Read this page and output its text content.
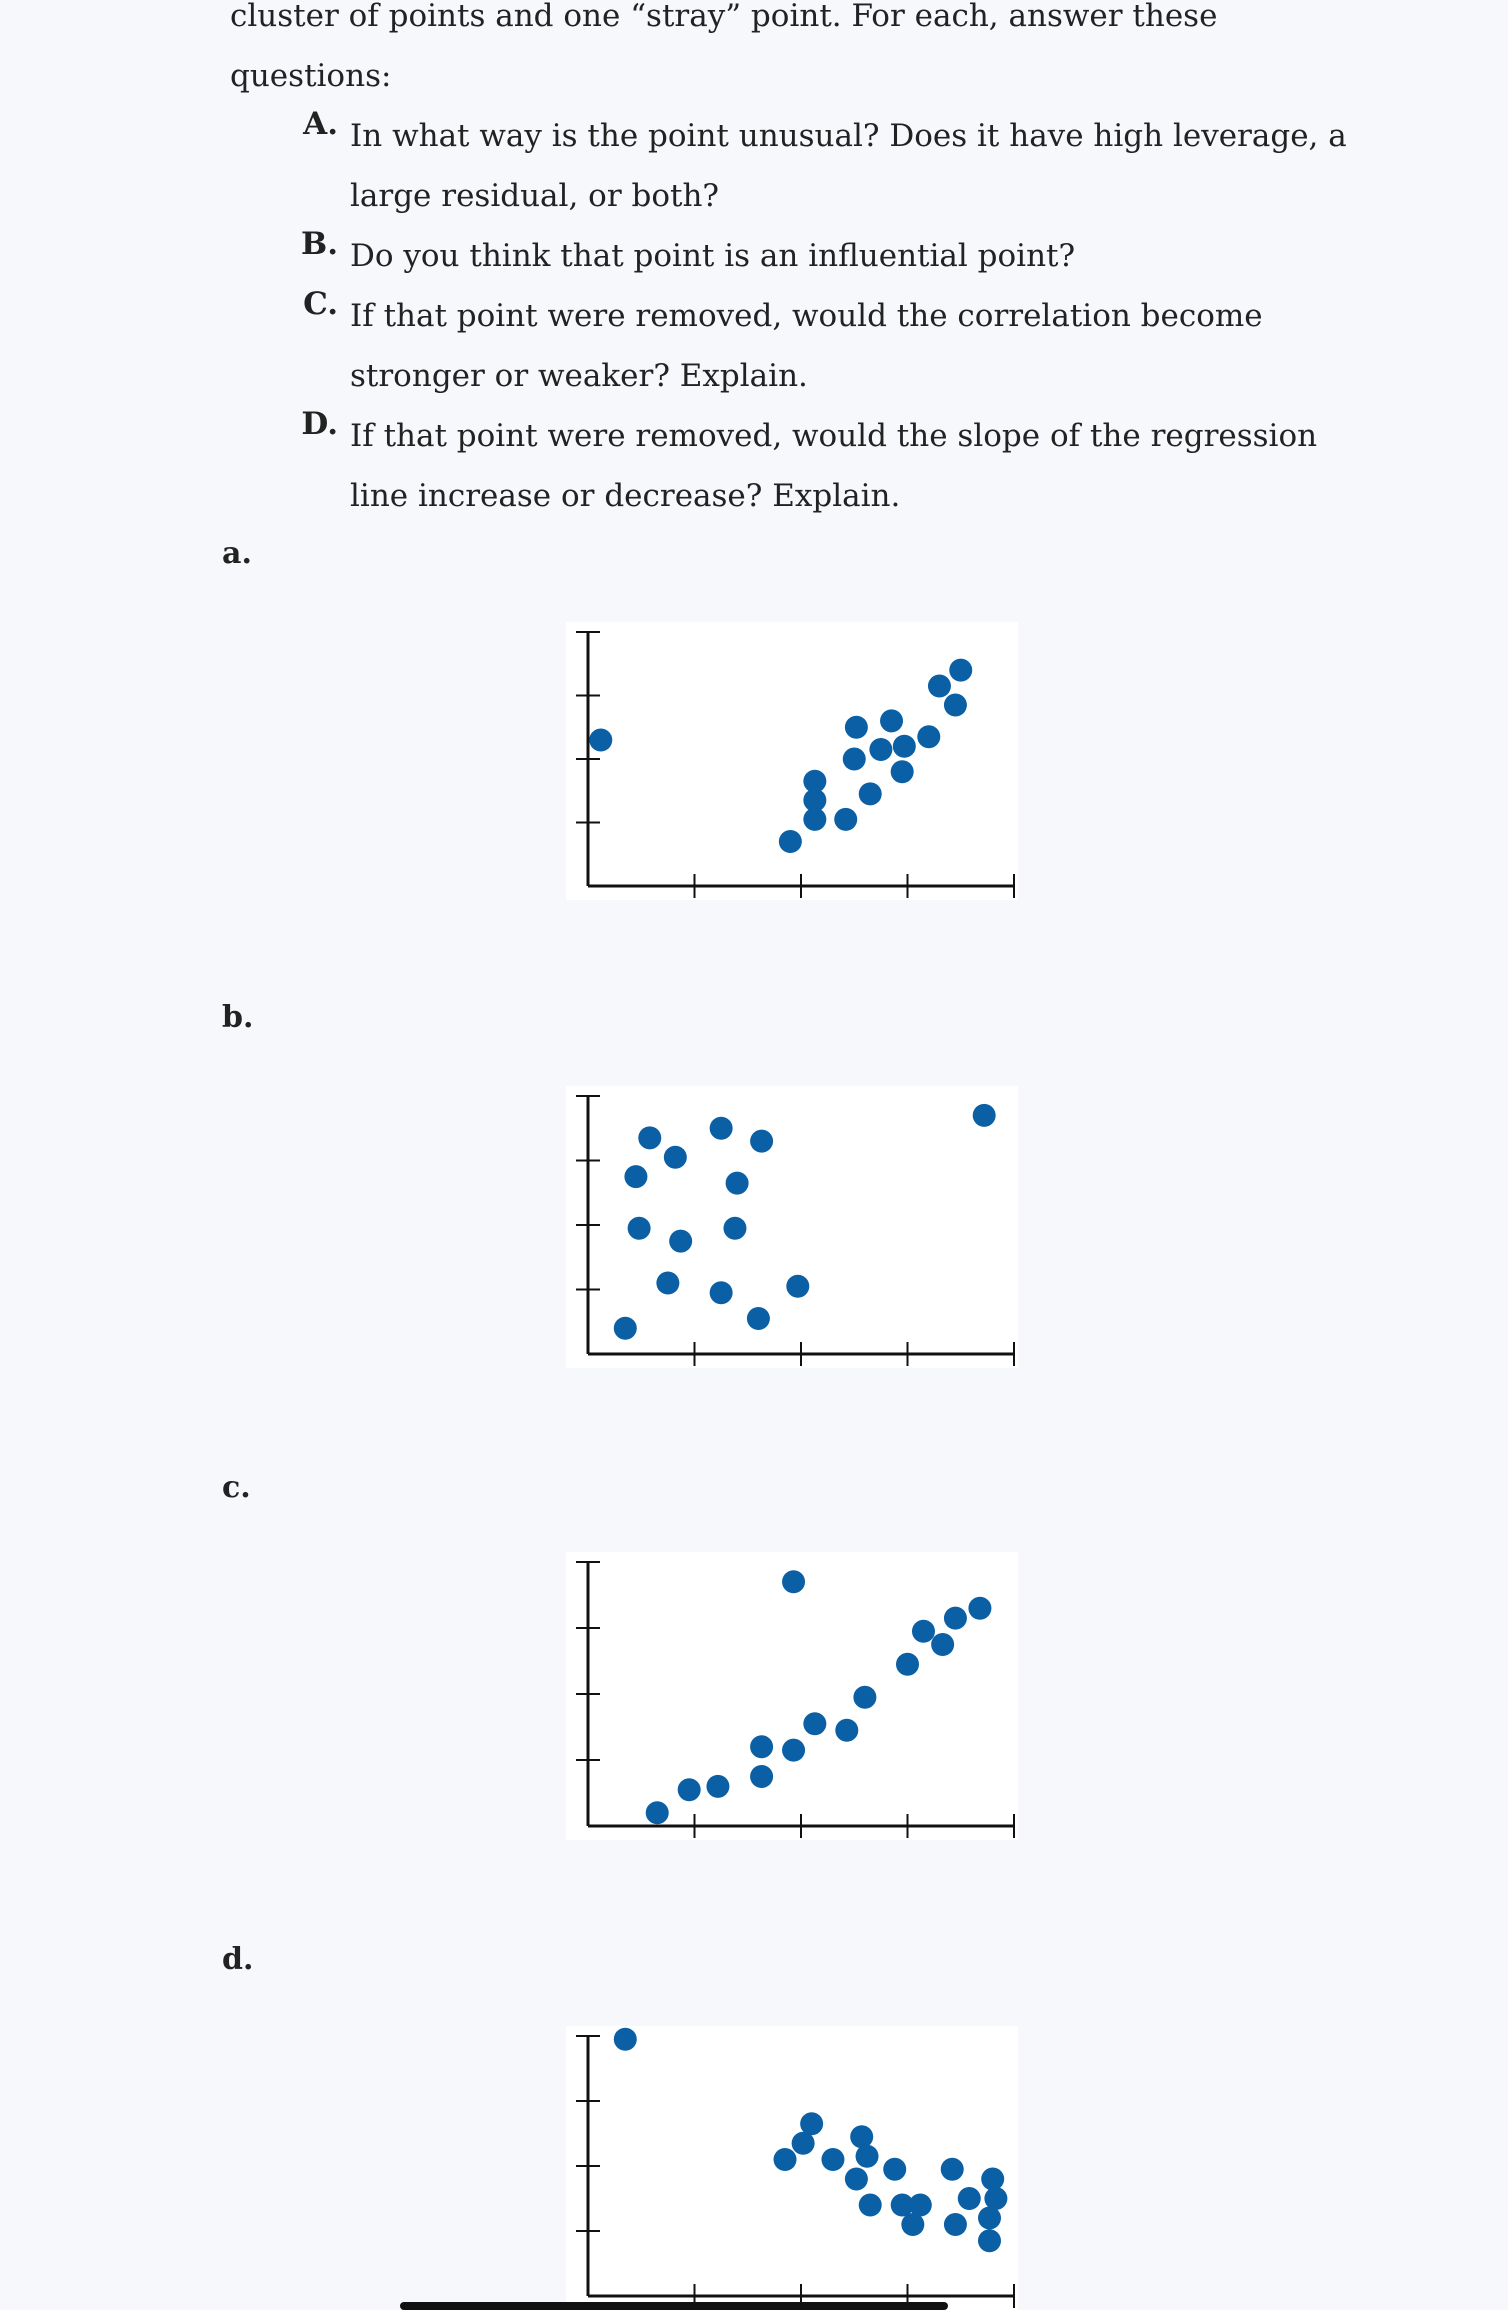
cluster of points and one “stray” point. For each, answer these
questions:
A. In what way is the point unusual? Does it have high leverage, a
large residual, or both?
B. Do you think that point is an influential point?
C. If that point were removed, would the correlation become
stronger or weaker? Explain.
D. If that point were removed, would the slope of the regression
line increase or decrease? Explain.
a.
b.
c.
d.
